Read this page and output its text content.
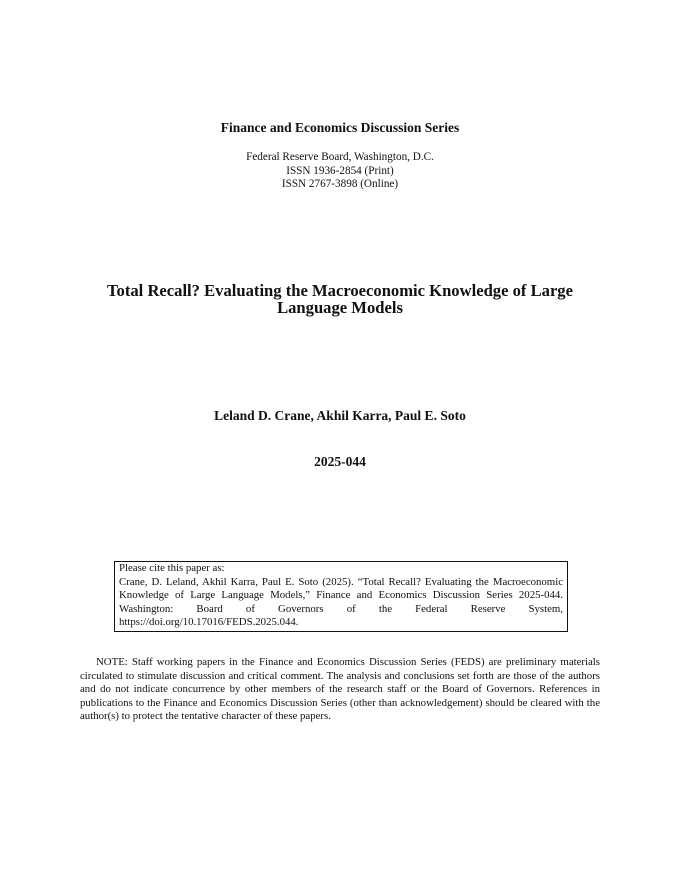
Finance and Economics Discussion Series
Federal Reserve Board, Washington, D.C.
ISSN 1936-2854 (Print)
ISSN 2767-3898 (Online)
Total Recall? Evaluating the Macroeconomic Knowledge of Large Language Models
Leland D. Crane, Akhil Karra, Paul E. Soto
2025-044
Please cite this paper as:
Crane, D. Leland, Akhil Karra, Paul E. Soto (2025). “Total Recall? Evaluating the Macroeconomic Knowledge of Large Language Models,” Finance and Economics Discussion Series 2025-044. Washington: Board of Governors of the Federal Reserve System, https://doi.org/10.17016/FEDS.2025.044.
NOTE: Staff working papers in the Finance and Economics Discussion Series (FEDS) are preliminary materials circulated to stimulate discussion and critical comment. The analysis and conclusions set forth are those of the authors and do not indicate concurrence by other members of the research staff or the Board of Governors. References in publications to the Finance and Economics Discussion Series (other than acknowledgement) should be cleared with the author(s) to protect the tentative character of these papers.
